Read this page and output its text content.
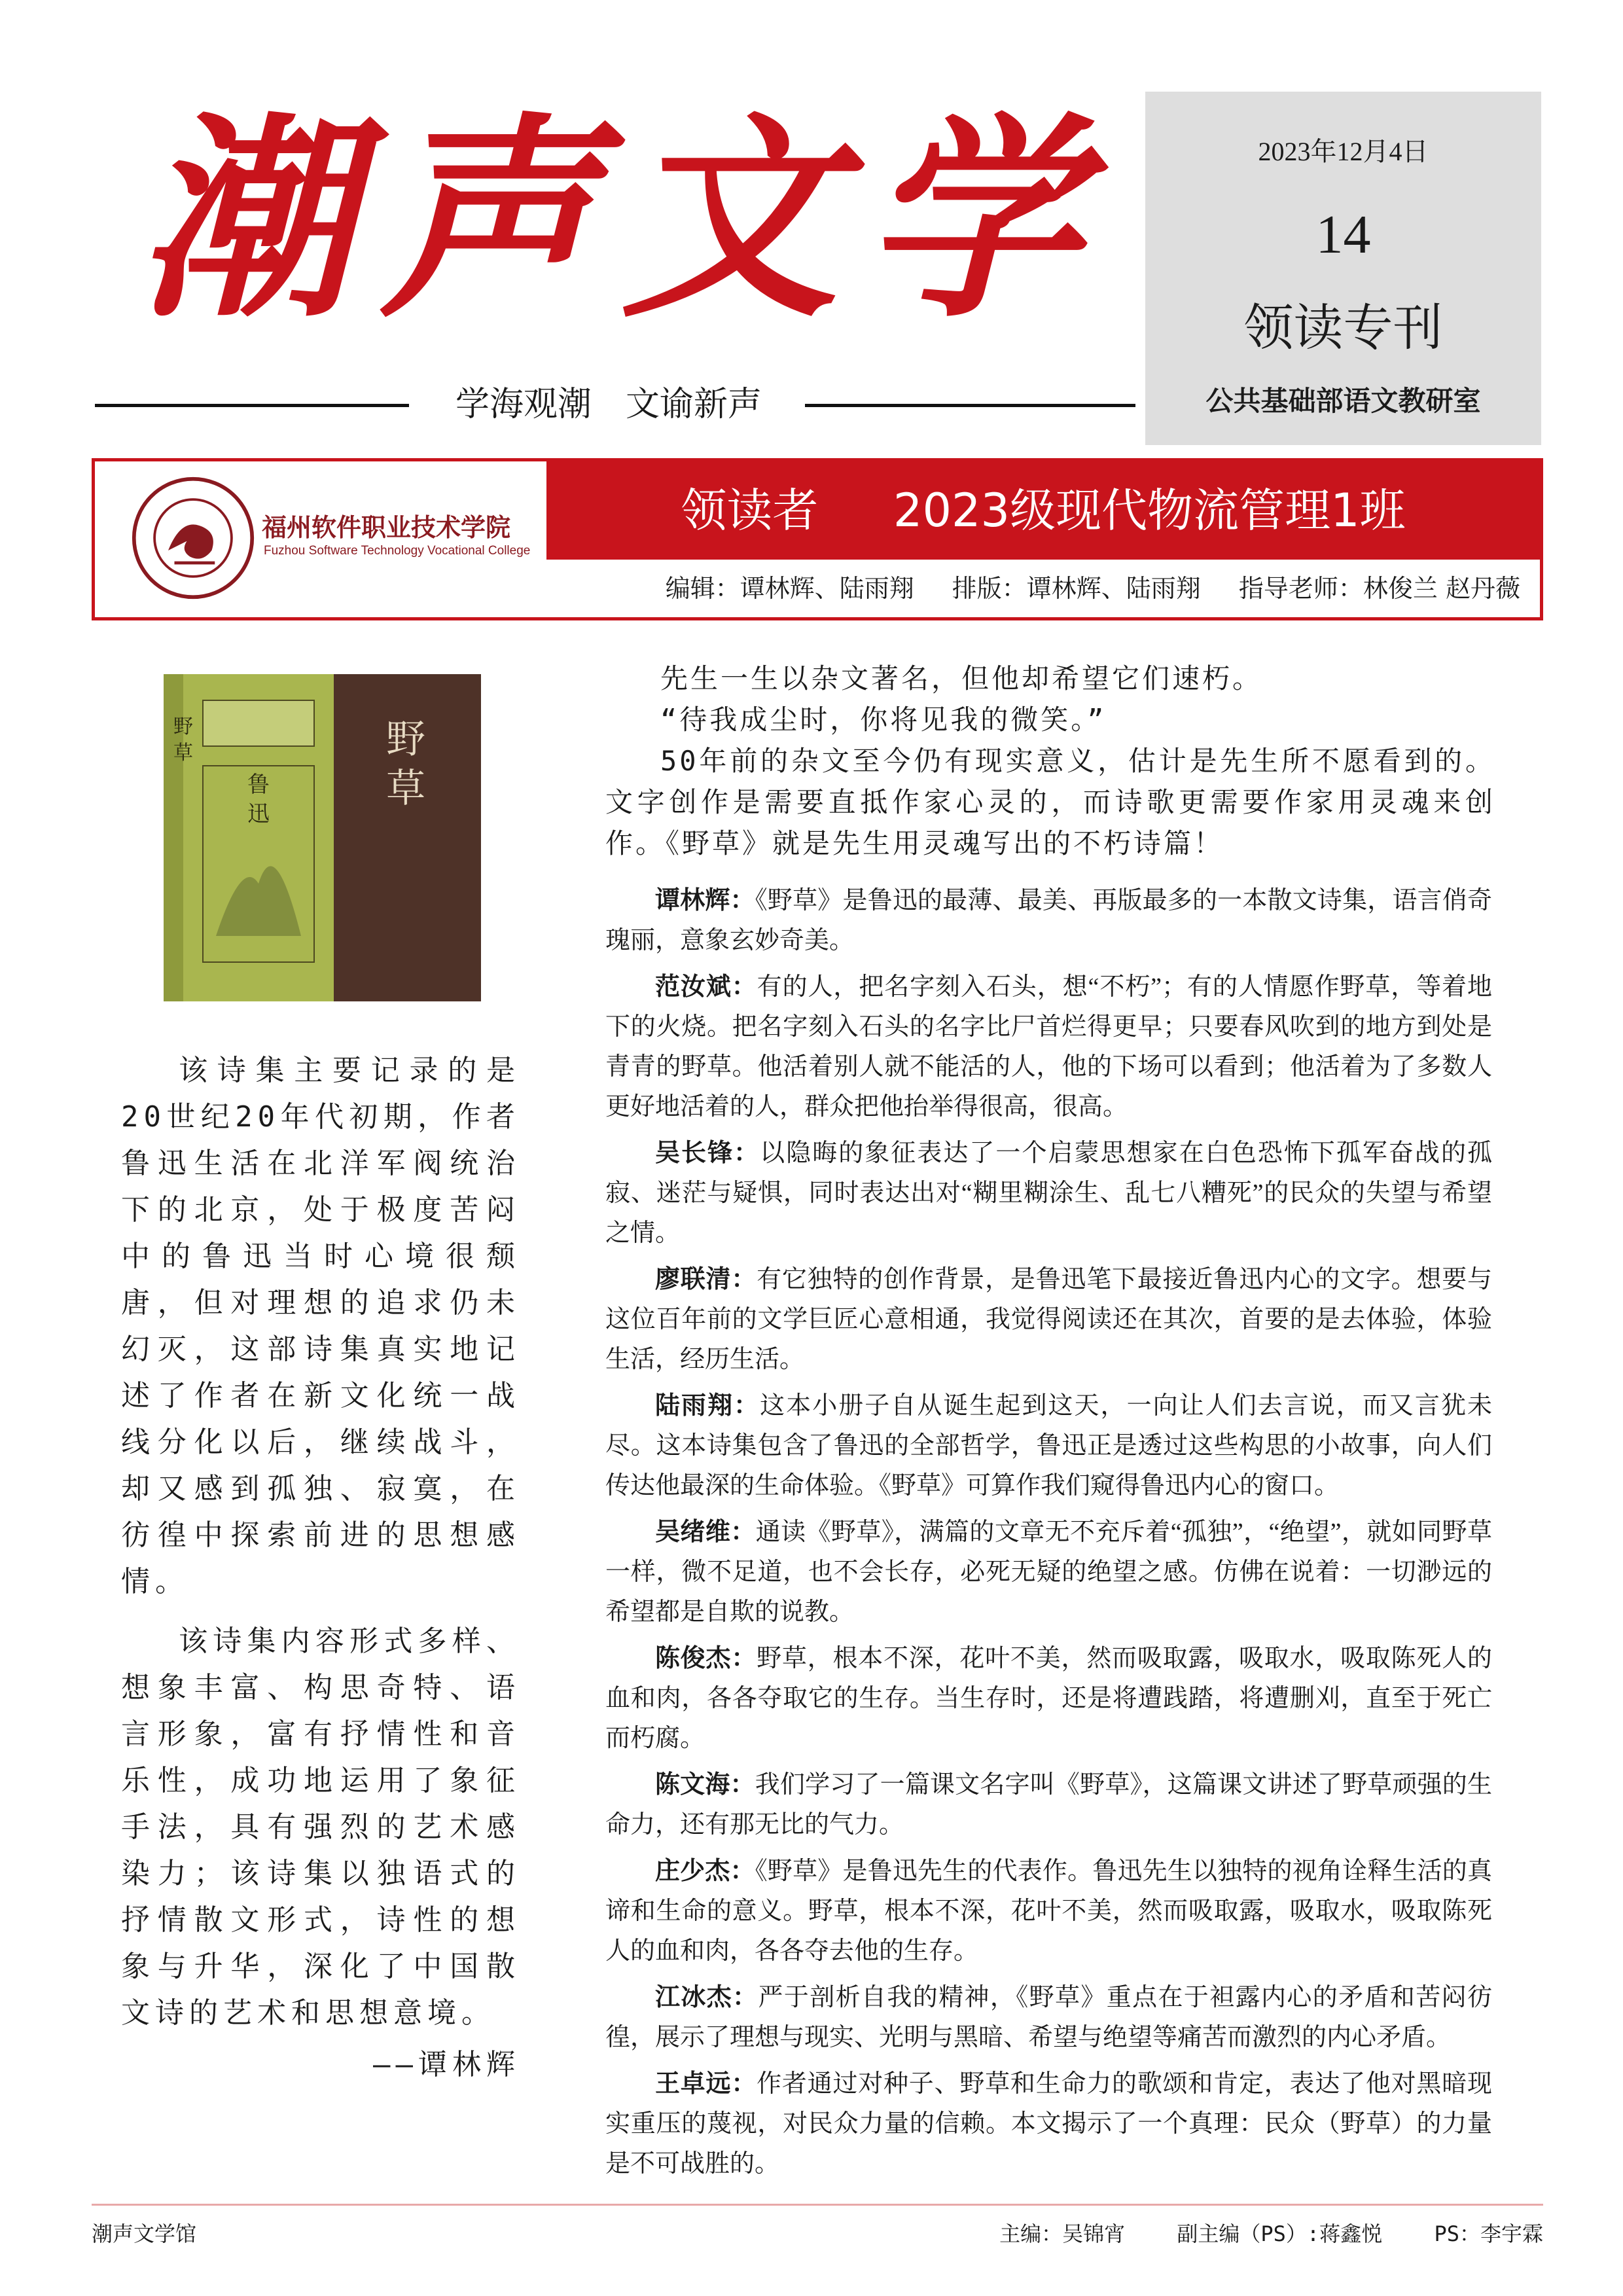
潮声文学
学海观潮　文谕新声
2023年12月4日
14
领读专刊
公共基础部语文教研室
福州软件职业技术学院
Fuzhou Software Technology Vocational College
领读者 2023级现代物流管理1班
编辑：谭林辉、陆雨翔 排版：谭林辉、陆雨翔 指导老师：林俊兰 赵丹薇
野
草
鲁
迅
野
草

该诗集主要记录的是20世纪20年代初期，作者鲁迅生活在北洋军阀统治下的北京，处于极度苦闷中的鲁迅当时心境很颓唐，但对理想的追求仍未幻灭，这部诗集真实地记述了作者在新文化统一战线分化以后，继续战斗，却又感到孤独、寂寞，在彷徨中探索前进的思想感情。

该诗集内容形式多样、想象丰富、构思奇特、语言形象，富有抒情性和音乐性，成功地运用了象征手法，具有强烈的艺术感染力；该诗集以独语式的抒情散文形式，诗性的想象与升华，深化了中国散文诗的艺术和思想意境。

——谭林辉

先生一生以杂文著名，但他却希望它们速朽。

“待我成尘时，你将见我的微笑。”

50年前的杂文至今仍有现实意义，估计是先生所不愿看到的。文字创作是需要直抵作家心灵的，而诗歌更需要作家用灵魂来创作。《野草》就是先生用灵魂写出的不朽诗篇！

谭林辉：《野草》是鲁迅的最薄、最美、再版最多的一本散文诗集，语言俏奇瑰丽，意象玄妙奇美。

范汝斌：有的人，把名字刻入石头，想“不朽”；有的人情愿作野草，等着地下的火烧。把名字刻入石头的名字比尸首烂得更早；只要春风吹到的地方到处是青青的野草。他活着别人就不能活的人，他的下场可以看到；他活着为了多数人更好地活着的人，群众把他抬举得很高，很高。

吴长锋：以隐晦的象征表达了一个启蒙思想家在白色恐怖下孤军奋战的孤寂、迷茫与疑惧，同时表达出对“糊里糊涂生、乱七八糟死”的民众的失望与希望之情。

廖联清：有它独特的创作背景，是鲁迅笔下最接近鲁迅内心的文字。想要与这位百年前的文学巨匠心意相通，我觉得阅读还在其次，首要的是去体验，体验生活，经历生活。

陆雨翔：这本小册子自从诞生起到这天，一向让人们去言说，而又言犹未尽。这本诗集包含了鲁迅的全部哲学，鲁迅正是透过这些构思的小故事，向人们传达他最深的生命体验。《野草》可算作我们窥得鲁迅内心的窗口。

吴绪维：通读《野草》，满篇的文章无不充斥着“孤独”，“绝望”，就如同野草一样，微不足道，也不会长存，必死无疑的绝望之感。仿佛在说着：一切渺远的希望都是自欺的说教。

陈俊杰：野草，根本不深，花叶不美，然而吸取露，吸取水，吸取陈死人的血和肉，各各夺取它的生存。当生存时，还是将遭践踏，将遭删刈，直至于死亡而朽腐。

陈文海：我们学习了一篇课文名字叫《野草》，这篇课文讲述了野草顽强的生命力，还有那无比的气力。

庄少杰：《野草》是鲁迅先生的代表作。鲁迅先生以独特的视角诠释生活的真谛和生命的意义。野草，根本不深，花叶不美，然而吸取露，吸取水，吸取陈死人的血和肉，各各夺去他的生存。

江冰杰：严于剖析自我的精神，《野草》重点在于袒露内心的矛盾和苦闷彷徨，展示了理想与现实、光明与黑暗、希望与绝望等痛苦而激烈的内心矛盾。

王卓远：作者通过对种子、野草和生命力的歌颂和肯定，表达了他对黑暗现实重压的蔑视，对民众力量的信赖。本文揭示了一个真理：民众（野草）的力量是不可战胜的。

潮声文学馆	主编：吴锦宵 副主编（PS）:蒋鑫悦 PS：李宇霖
